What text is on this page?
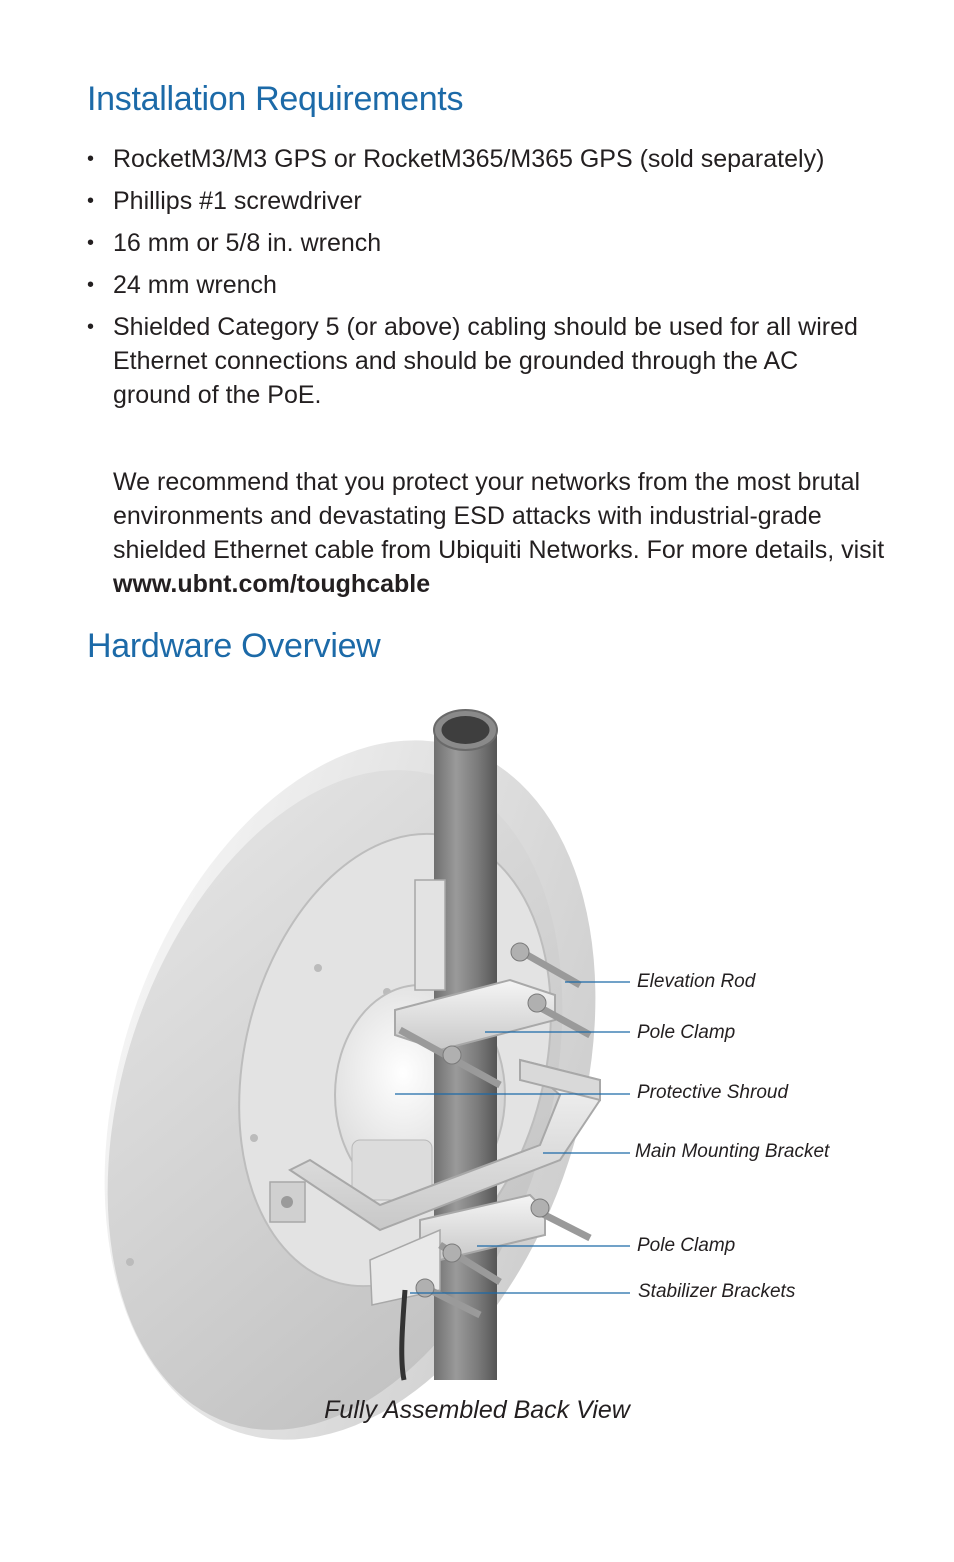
Installation Requirements
• RocketM3/M3 GPS or RocketM365/M365 GPS (sold separately)
• Phillips #1 screwdriver
• 16 mm or 5/8 in. wrench
• 24 mm wrench
• Shielded Category 5 (or above) cabling should be used for all wired Ethernet connections and should be grounded through the AC ground of the PoE.

We recommend that you protect your networks from the most brutal environments and devastating ESD attacks with industrial-grade shielded Ethernet cable from Ubiquiti Networks. For more details, visit www.ubnt.com/toughcable

Hardware Overview
Elevation Rod
Pole Clamp
Protective Shroud
Main Mounting Bracket
Pole Clamp
Stabilizer Brackets
Fully Assembled Back View
